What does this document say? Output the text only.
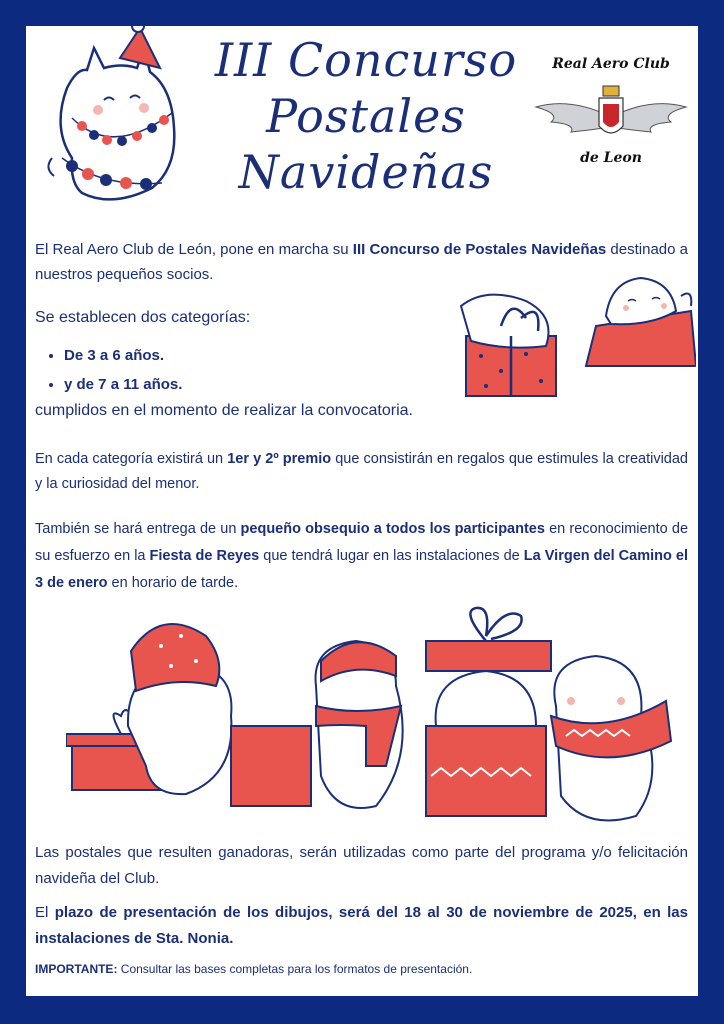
III Concurso
Postales Navideñas
Real Aero Club
de Leon
El Real Aero Club de León, pone en marcha su III Concurso de Postales Navideñas destinado a nuestros pequeños socios.
Se establecen dos categorías:
• De 3 a 6 años.
• y de 7 a 11 años.
cumplidos en el momento de realizar la convocatoria.
En cada categoría existirá un 1er y 2º premio que consistirán en regalos que estimules la creatividad y la curiosidad del menor.
También se hará entrega de un pequeño obsequio a todos los participantes en reconocimiento de su esfuerzo en la Fiesta de Reyes que tendrá lugar en las instalaciones de La Virgen del Camino el 3 de enero en horario de tarde.
Las postales que resulten ganadoras, serán utilizadas como parte del programa y/o felicitación navideña del Club.
El plazo de presentación de los dibujos, será del 18 al 30 de noviembre de 2025, en las instalaciones de Sta. Nonia.
IMPORTANTE: Consultar las bases completas para los formatos de presentación.
